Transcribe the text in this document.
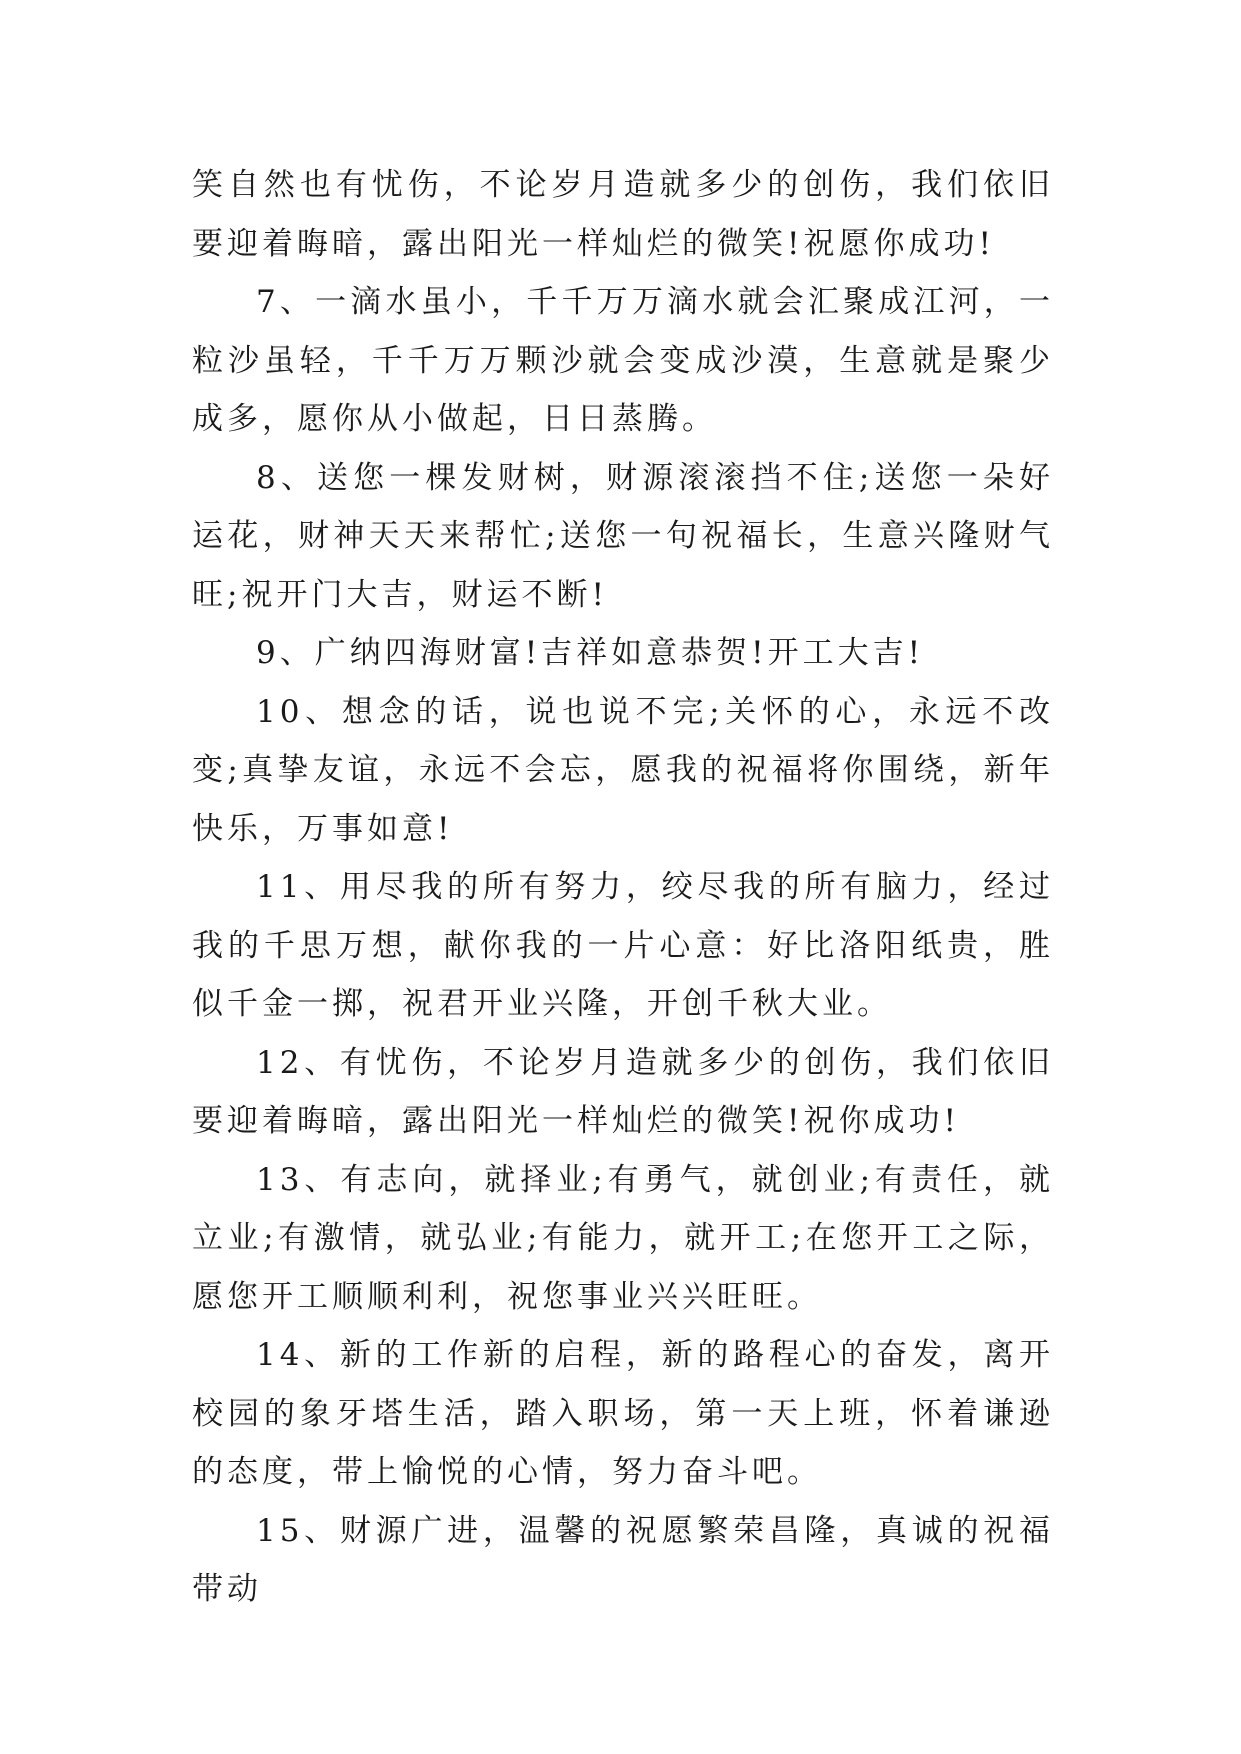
笑自然也有忧伤，不论岁月造就多少的创伤，我们依旧要迎着晦暗，露出阳光一样灿烂的微笑!祝愿你成功!

7、一滴水虽小，千千万万滴水就会汇聚成江河，一粒沙虽轻，千千万万颗沙就会变成沙漠，生意就是聚少成多，愿你从小做起，日日蒸腾。

8、送您一棵发财树，财源滚滚挡不住;送您一朵好运花，财神天天来帮忙;送您一句祝福长，生意兴隆财气旺;祝开门大吉，财运不断!

9、广纳四海财富!吉祥如意恭贺!开工大吉!

10、想念的话，说也说不完;关怀的心，永远不改变;真挚友谊，永远不会忘，愿我的祝福将你围绕，新年快乐，万事如意!

11、用尽我的所有努力，绞尽我的所有脑力，经过我的千思万想，献你我的一片心意：好比洛阳纸贵，胜似千金一掷，祝君开业兴隆，开创千秋大业。

12、有忧伤，不论岁月造就多少的创伤，我们依旧要迎着晦暗，露出阳光一样灿烂的微笑!祝你成功!

13、有志向，就择业;有勇气，就创业;有责任，就立业;有激情，就弘业;有能力，就开工;在您开工之际，愿您开工顺顺利利，祝您事业兴兴旺旺。

14、新的工作新的启程，新的路程心的奋发，离开校园的象牙塔生活，踏入职场，第一天上班，怀着谦逊的态度，带上愉悦的心情，努力奋斗吧。

15、财源广进，温馨的祝愿繁荣昌隆，真诚的祝福带动
